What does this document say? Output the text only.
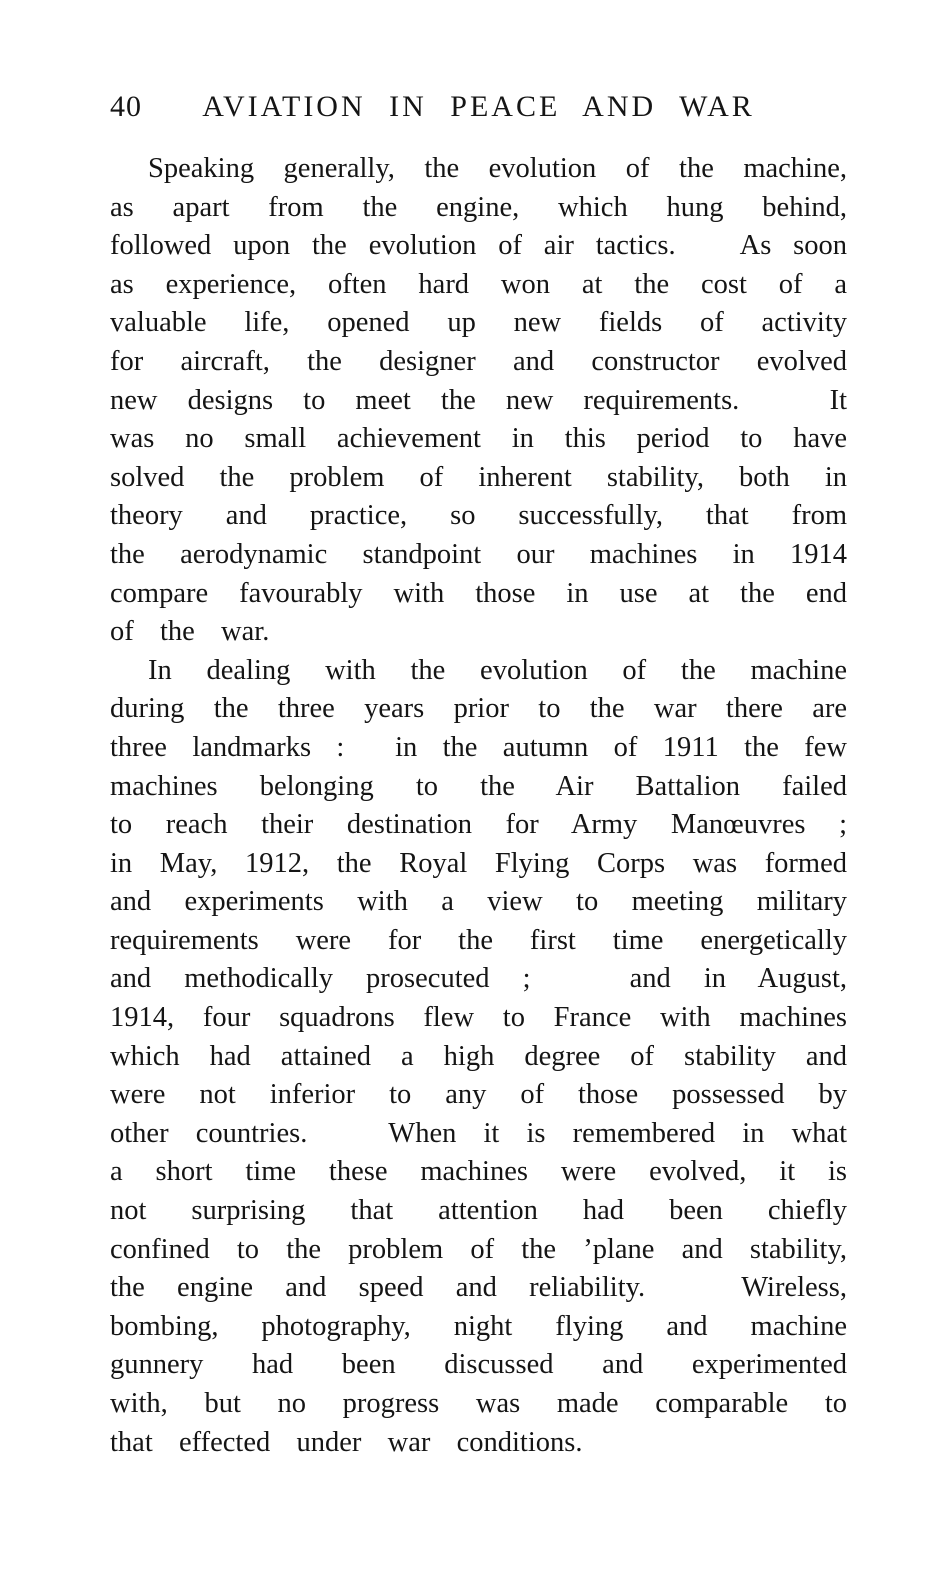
40	AVIATION IN PEACE AND WAR
Speaking generally, the evolution of the machine,
as apart from the engine, which hung behind,
followed upon the evolution of air tactics.   As soon
as experience, often hard won at the cost of a
valuable life, opened up new fields of activity
for aircraft, the designer and constructor evolved
new designs to meet the new requirements.   It
was no small achievement in this period to have
solved the problem of inherent stability, both in
theory and practice, so successfully, that from
the aerodynamic standpoint our machines in 1914
compare favourably with those in use at the end
of  the  war.
In dealing with the evolution of the machine
during the three years prior to the war there are
three landmarks :  in the autumn of 1911 the few
machines belonging to the Air Battalion failed
to reach their destination for Army Manœuvres ;
in May, 1912, the Royal Flying Corps was formed
and experiments with a view to meeting military
requirements were for the first time energetically
and methodically prosecuted ;   and in August,
1914, four squadrons flew to France with machines
which had attained a high degree of stability and
were not inferior to any of those possessed by
other countries.   When it is remembered in what
a short time these machines were evolved, it is
not surprising that attention had been chiefly
confined to the problem of the ’plane and stability,
the engine and speed and reliability.   Wireless,
bombing, photography, night flying and machine
gunnery had been discussed and experimented
with, but no progress was made comparable to
that  effected  under  war  conditions.
